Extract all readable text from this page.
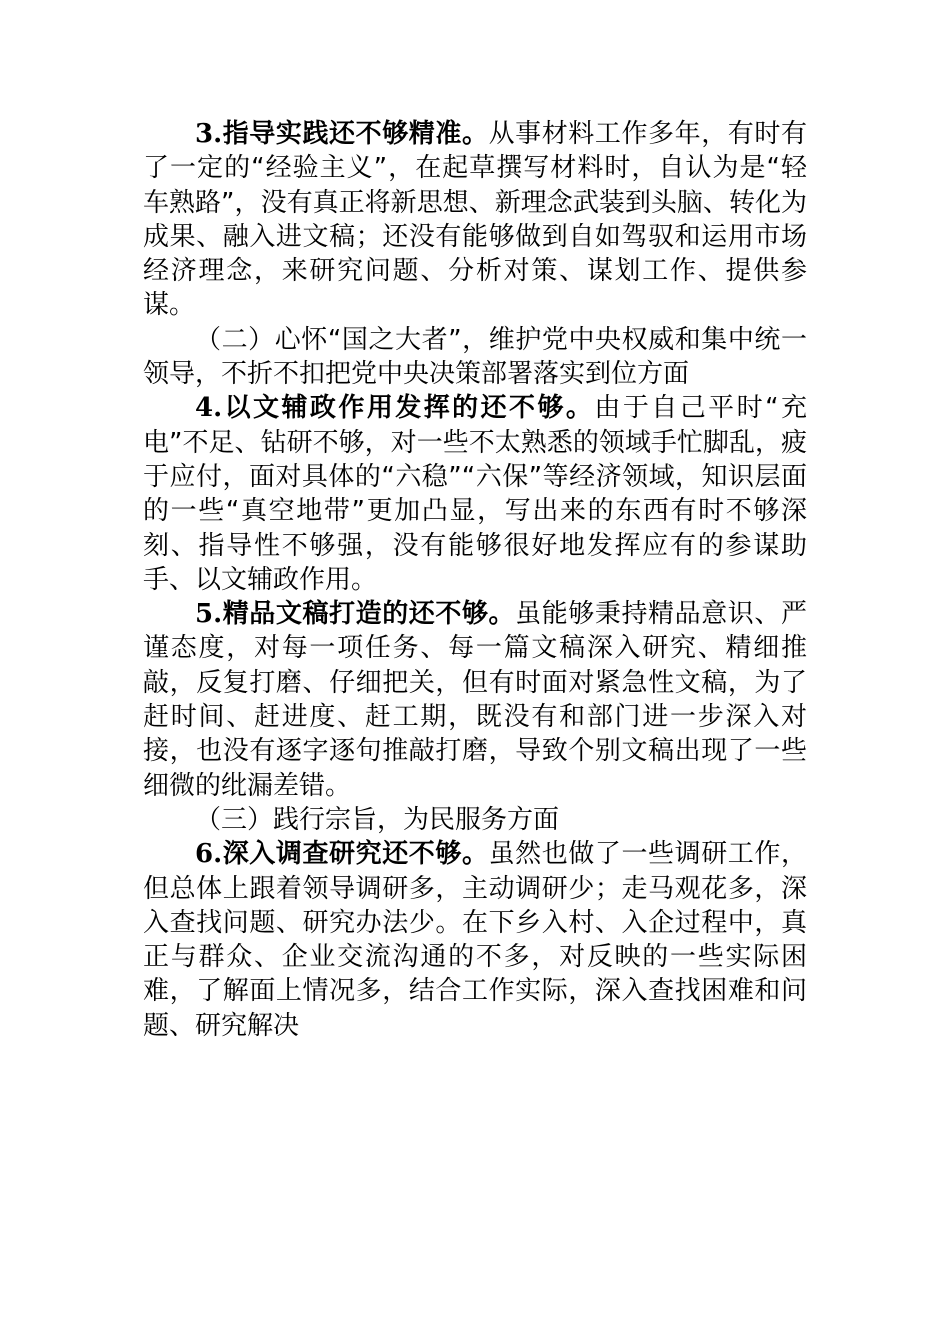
3.指导实践还不够精准。从事材料工作多年，有时有了一定的“经验主义”，在起草撰写材料时，自认为是“轻车熟路”，没有真正将新思想、新理念武装到头脑、转化为成果、融入进文稿；还没有能够做到自如驾驭和运用市场经济理念，来研究问题、分析对策、谋划工作、提供参谋。

（二）心怀“国之大者”，维护党中央权威和集中统一领导，不折不扣把党中央决策部署落实到位方面

4.以文辅政作用发挥的还不够。由于自己平时“充电”不足、钻研不够，对一些不太熟悉的领域手忙脚乱，疲于应付，面对具体的“六稳”“六保”等经济领域，知识层面的一些“真空地带”更加凸显，写出来的东西有时不够深刻、指导性不够强，没有能够很好地发挥应有的参谋助手、以文辅政作用。

5.精品文稿打造的还不够。虽能够秉持精品意识、严谨态度，对每一项任务、每一篇文稿深入研究、精细推敲，反复打磨、仔细把关，但有时面对紧急性文稿，为了赶时间、赶进度、赶工期，既没有和部门进一步深入对接，也没有逐字逐句推敲打磨，导致个别文稿出现了一些细微的纰漏差错。

（三）践行宗旨，为民服务方面

6.深入调查研究还不够。虽然也做了一些调研工作，但总体上跟着领导调研多，主动调研少；走马观花多，深入查找问题、研究办法少。在下乡入村、入企过程中，真正与群众、企业交流沟通的不多，对反映的一些实际困难，了解面上情况多，结合工作实际，深入查找困难和问题、研究解决
